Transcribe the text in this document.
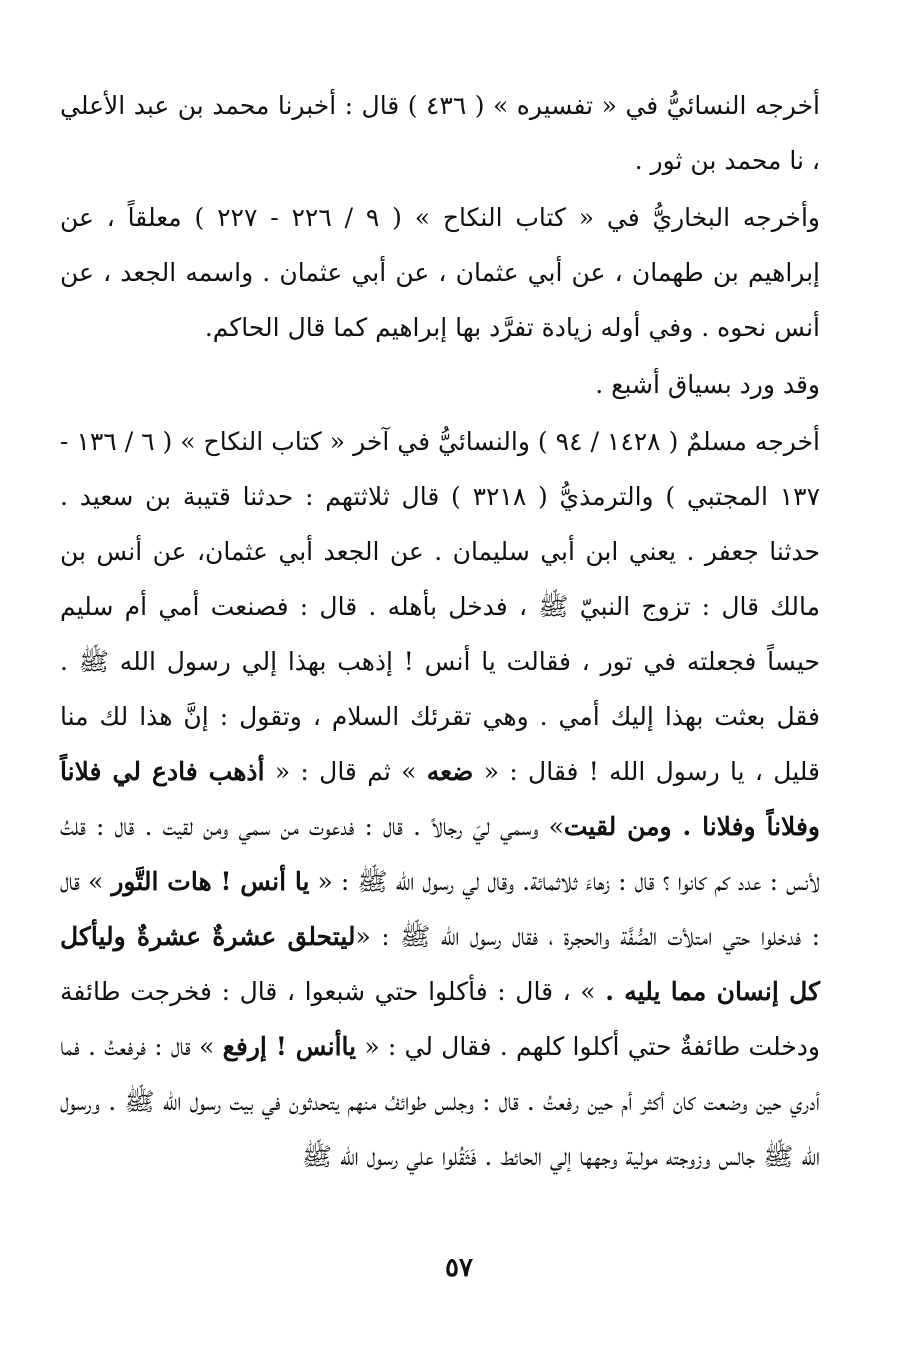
أخرجه النسائيُّ في « تفسيره » ( ٤٣٦ ) قال : أخبرنا محمد بن عبد الأعلي ، نا محمد بن ثور .

وأخرجه البخاريُّ في « كتاب النكاح » ( ٩ / ٢٢٦ - ٢٢٧ ) معلقاً ، عن إبراهيم بن طهمان ، عن أبي عثمان ، عن أبي عثمان . واسمه الجعد ، عن أنس نحوه . وفي أوله زيادة تفرَّد بها إبراهيم كما قال الحاكم.

وقد ورد بسياق أشبع .

أخرجه مسلمٌ ( ١٤٢٨ / ٩٤ ) والنسائيُّ في آخر « كتاب النكاح » ( ٦ / ١٣٦ - ١٣٧ المجتبي ) والترمذيُّ ( ٣٢١٨ ) قال ثلاثتهم : حدثنا قتيبة بن سعيد . حدثنا جعفر . يعني ابن أبي سليمان . عن الجعد أبي عثمان، عن أنس بن مالك قال : تزوج النبيّ ﷺ ، فدخل بأهله . قال : فصنعت أمي أم سليم حيساً فجعلته في تور ، فقالت يا أنس ! إذهب بهذا إلي رسول الله ﷺ . فقل بعثت بهذا إليك أمي . وهي تقرئك السلام ، وتقول : إنَّ هذا لك منا قليل ، يا رسول الله ! فقال : « ضعه » ثم قال : « أذهب فادع لي فلاناً وفلاناً وفلانا . ومن لقيت» وسمي ليَ رجالاً . قال : فدعوت من سمي ومن لقيت . قال : قلتُ لأنس : عدد كم كانوا ؟ قال : زهاءَ ثلاثمائة. وقال لي رسول الله ﷺ : « يا أنس ! هات التَّور » قال : فدخلوا حتي امتلأت الصُّفَّة والحجرة ، فقال رسول الله ﷺ : «ليتحلق عشرةٌ عشرةٌ وليأكل كل إنسان مما يليه . » ، قال : فأكلوا حتي شبعوا ، قال : فخرجت طائفة ودخلت طائفةٌ حتي أكلوا كلهم . فقال لي : « ياأنس ! إرفع » قال : فرفعتُ . فما أدري حين وضعت كان أكثر أم حين رفعتُ . قال : وجلس طوائفُ منهم يتحدثون في بيت رسول الله ﷺ . ورسول الله ﷺ جالس وزوجته مولية وجهها إلي الحائط . فَثَقُلوا علي رسول الله ﷺ

٥٧
